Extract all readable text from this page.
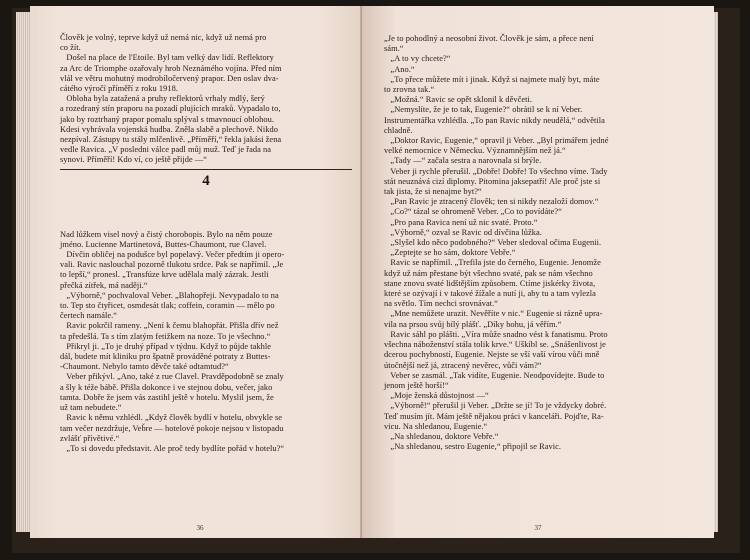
Člověk je volný, teprve když už nemá nic, když už nemá pro
co žít.
Došel na place de l'Etoile. Byl tam velký dav lidí. Reflektory
za Arc de Triomphe ozařovaly hrob Neznámého vojína. Před ním
vlál ve větru mohutný modrobíločervený prapor. Den oslav dva-
cátého výročí příměří z roku 1918.
Obloha byla zatažená a pruhy reflektorů vrhaly mdlý, šerý
a rozedraný stín praporu na pozadí plujících mraků. Vypadalo to,
jako by roztrhaný prapor pomalu splýval s tmavnoucí oblohou.
Kdesi vyhrávala vojenská hudba. Zněla slabě a plechově. Nikdo
nezpíval. Zástupy tu stály mlčenlivě. „Příměří,“ řekla jakási žena
vedle Ravica. „V posledni válce padl můj muž. Teď je řada na
synovi. Příměří! Kdo ví, co ještě přijde —“
4
Nad lůžkem visel nový a čistý chorobopis. Bylo na něm pouze
jméno. Lucienne Martinetová, Buttes-Chaumont, rue Clavel.
Dívčin obličej na podušce byl popelavý. Večer předtím ji opero-
vali. Ravic naslouchal pozorně tlukotu srdce. Pak se napřímil. „Je
to lepší,“ pronesl. „Transfúze krve udělala malý zázrak. Jestli
přečká zítřek, má naději.“
„Výborně,“ pochvaloval Veber. „Blahopřeji. Nevypadalo to na
to. Tep sto čtyřicet, osmdesát tlak; coffein, coramin — mělo po
čertech namále.“
Ravic pokrčil rameny. „Není k čemu blahopřát. Přišla dřív než
ta předešlá. Ta s tím zlatým fetižkem na noze. To je všechno.“
Přikryl ji. „To je druhý případ v týdnu. Když to půjde takhle
dál, budete mít kliniku pro špatně prováděné potraty z Buttes-
-Chaumont. Nebylo tamto děvče také odtamtud?“
Veber přikývl. „Ano, také z rue Clavel. Pravděpodobně se znaly
a šly k téže bábě. Přišla dokonce i ve stejnou dobu, večer, jako
tamta. Dobře že jsem vás zastihl ještě v hotelu. Myslil jsem, že
už tam nebudete.“
Ravic k němu vzhlédl. „Když člověk bydlí v hotelu, obvykle se
tam večer nezdržuje, Veb̆re — hotelové pokoje nejsou v listopadu
zvlášť přívětivé.“
„To si dovedu představit. Ale proč tedy bydlíte pořád v hotelu?“
36
„Je to pohodlný a neosobní život. Člověk je sám, a přece není
sám.“
„A to vy chcete?“
„Ano.“
„To přece můžete mít i jinak. Když si najmete malý byt, máte
to zrovna tak.“
„Možná.“ Ravic se opět sklonil k děvčeti.
„Nemyslíte, že je to tak, Eugenie?“ obrátil se k ní Veber.
Instrumentářka vzhlédla. „To pan Ravic nikdy neudělá,“ odvětila
chladně.
„Doktor Ravic, Eugenie,“ opravil ji Veber. „Byl primářem jedné
velké nemocnice v Německu. Významnějším než já.“
„Tady —“ začala sestra a narovnala si brýle.
Veber ji rychle přerušil. „Dobře! Dobře! To všechno víme. Tady
stát neuznává cizí diplomy. Pitomina jaksepatří! Ale proč jste si
tak jista, že si nenajme byt?“
„Pan Ravic je ztracený člověk; ten si nikdy nezaloží domov.“
„Co?“ tázal se ohromeně Veber. „Co to povídáte?“
„Pro pana Ravica není už nic svaté. Proto.“
„Výborně,“ ozval se Ravic od dívčina lůžka.
„Slyšel kdo něco podobného?“ Veber sledoval očima Eugenii.
„Zeptejte se ho sám, doktore Vebře.“
Ravic se napřímil. „Trefila jste do černého, Eugenie. Jenomže
když už nám přestane být všechno svaté, pak se nám všechno
stane znovu svaté lidštějším způsobem. Ctíme jiskérky života,
které se ozývají i v takové žížale a nutí ji, aby tu a tam vylezla
na světlo. Tím nechci srovnávat.“
„Mne nemůžete urazit. Nevěříte v nic.“ Eugenie si rázně upra-
vila na prsou svůj bílý plášť. „Díky bohu, já věřím.“
Ravic sáhl po plášti. „Víra může snadno vést k fanatismu. Proto
všechna náboženství stála tolik krve.“ Uškíbl se. „Snášenlivost je
dcerou pochybností, Eugenie. Nejste se vší vaší vírou vůči mně
útočnější než já, ztracený nevěrec, vůči vám?“
Veber se zasmál. „Tak vidíte, Eugenie. Neodpovídejte. Bude to
jenom ještě horší!“
„Moje ženská důstojnost —“
„Výborně!“ přerušil ji Veber. „Držte se jí! To je vždycky dobré.
Teď musím jít. Mám ještě nějakou práci v kanceláři. Pojďte, Ra-
vicu. Na shledanou, Eugenie.“
„Na shledanou, doktore Vebře.“
„Na shledanou, sestro Eugenie,“ připojil se Ravic.
37
